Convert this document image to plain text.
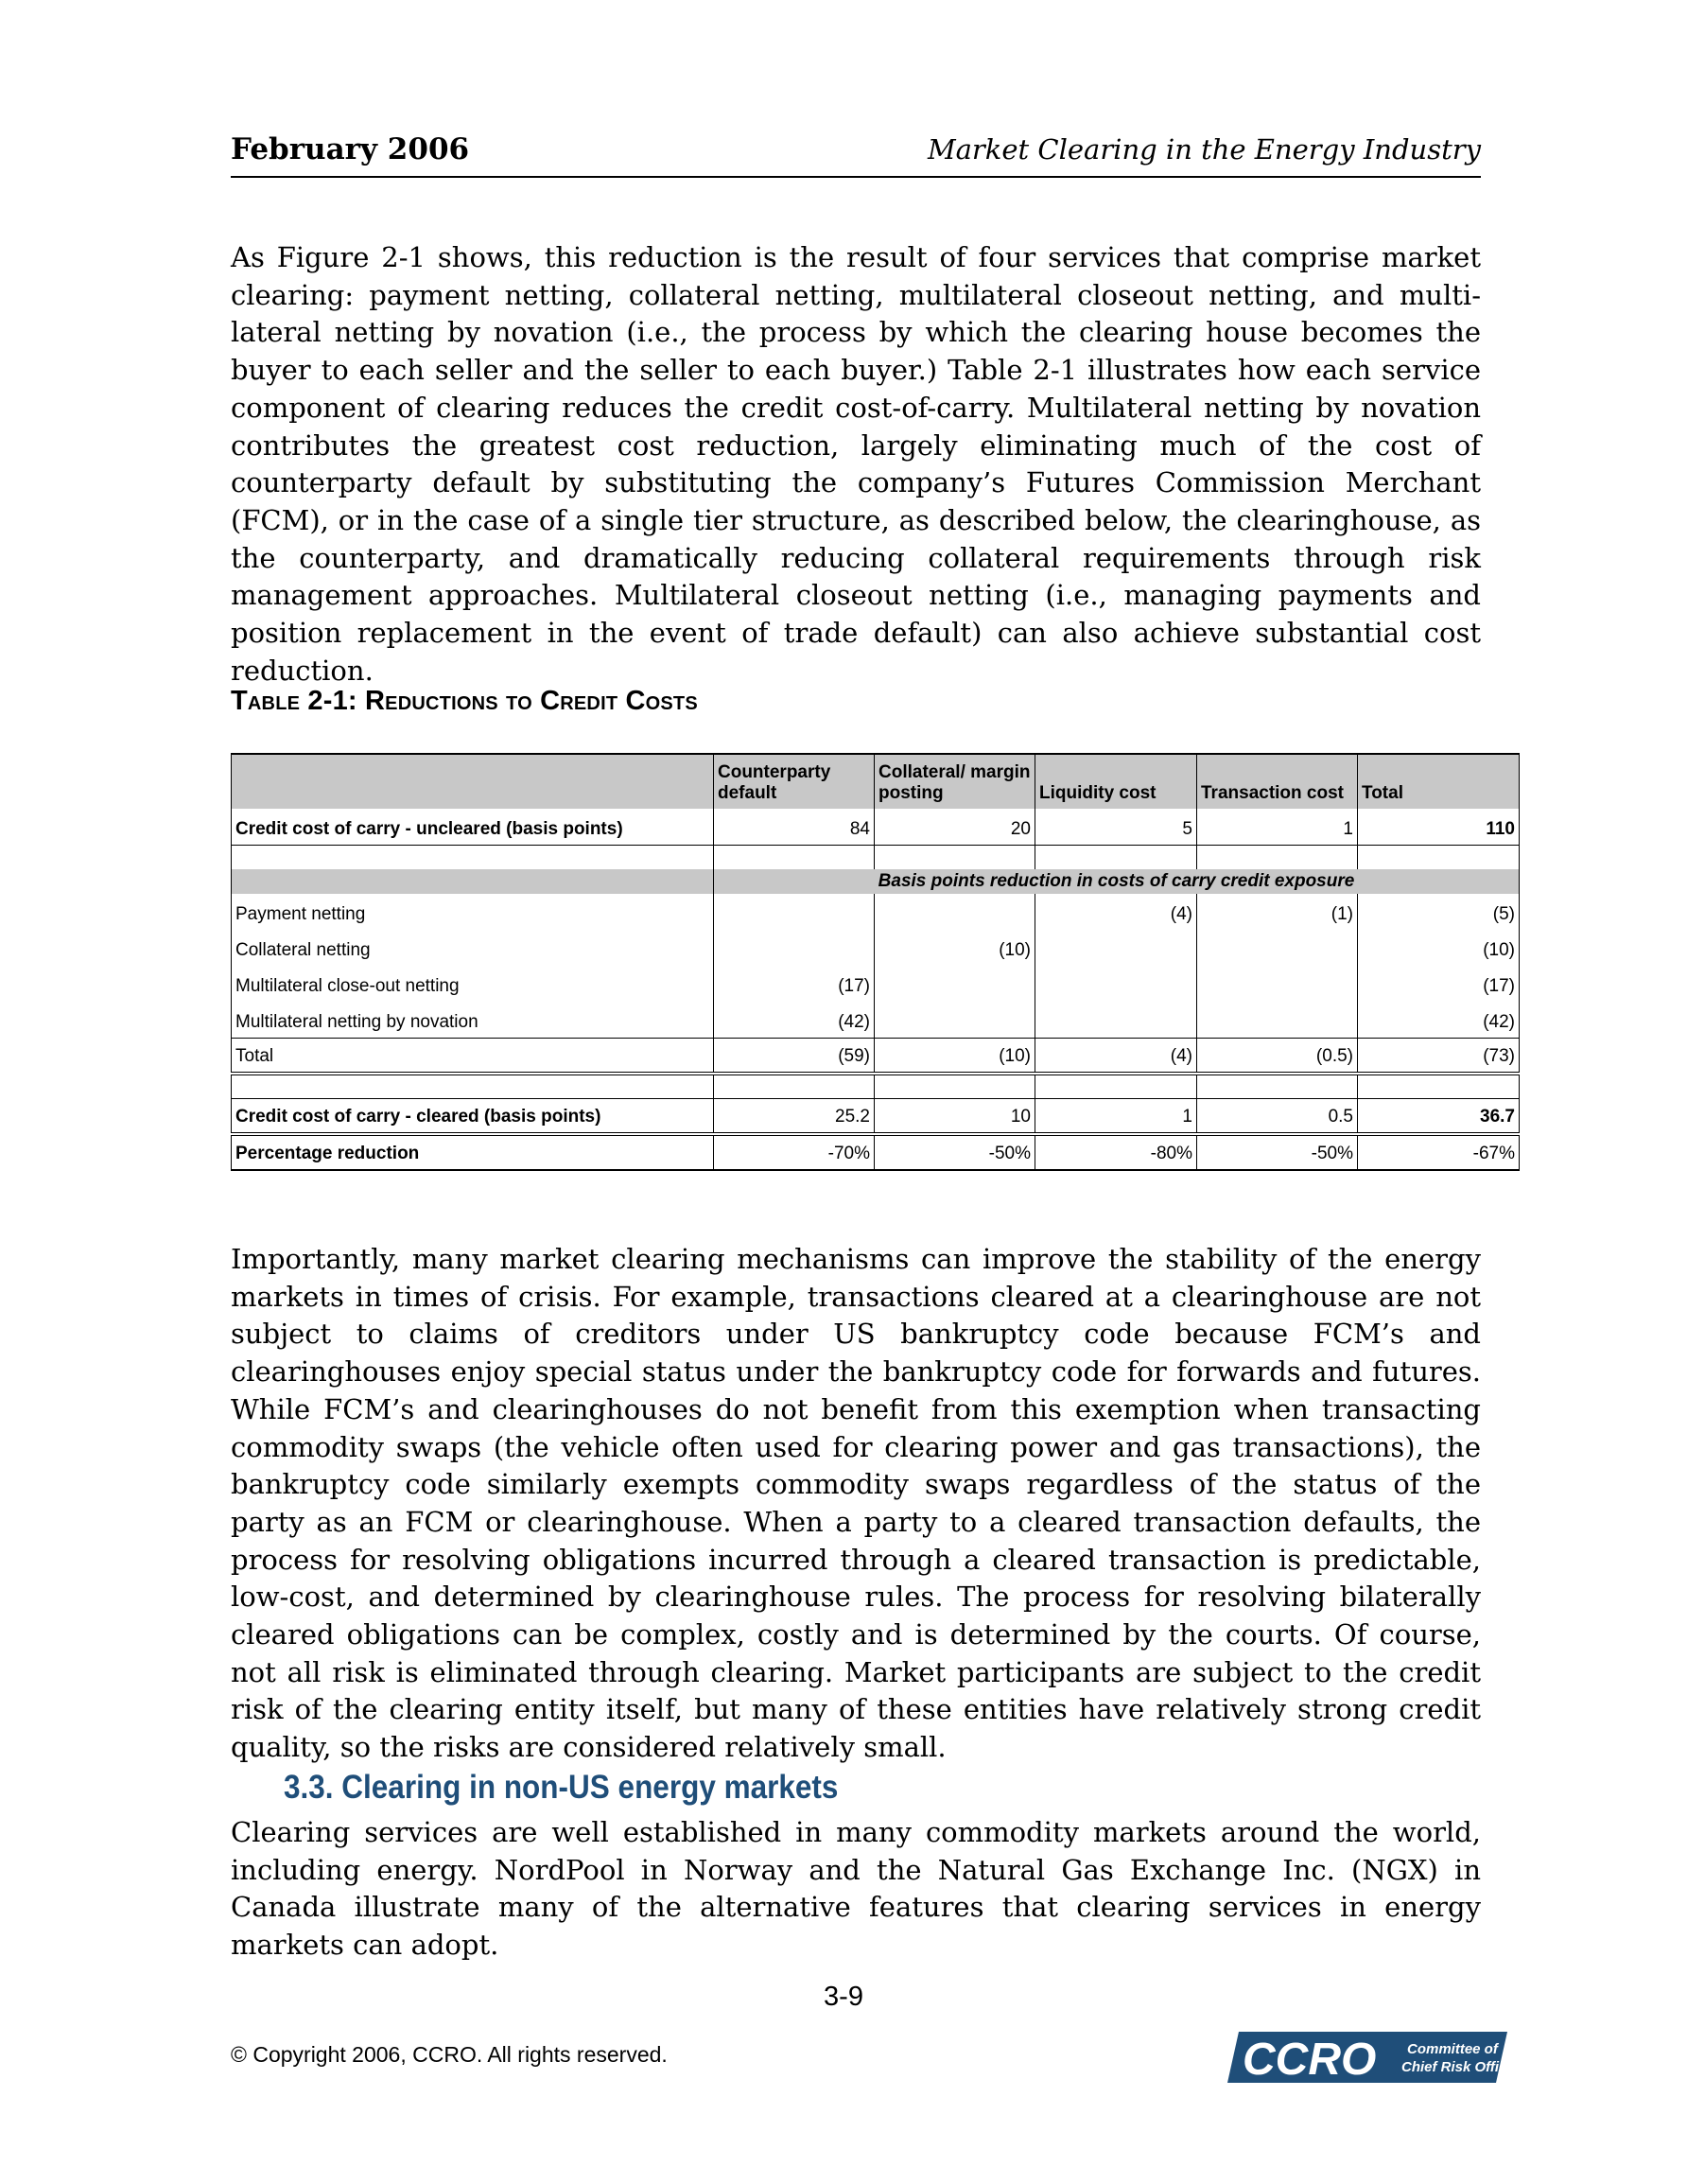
February 2006	Market Clearing in the Energy Industry

As Figure 2-1 shows, this reduction is the result of four services that comprise market clearing: payment netting, collateral netting, multilateral closeout netting, and multi-lateral netting by novation (i.e., the process by which the clearing house becomes the buyer to each seller and the seller to each buyer.) Table 2-1 illustrates how each service component of clearing reduces the credit cost-of-carry. Multilateral netting by novation contributes the greatest cost reduction, largely eliminating much of the cost of counterparty default by substituting the company’s Futures Commission Merchant (FCM), or in the case of a single tier structure, as described below, the clearinghouse, as the counterparty, and dramatically reducing collateral requirements through risk management approaches. Multilateral closeout netting (i.e., managing payments and position replacement in the event of trade default) can also achieve substantial cost reduction.

Table 2-1: Reductions to Credit Costs
	Counterparty default	Collateral/ margin posting	Liquidity cost	Transaction cost	Total
Credit cost of carry - uncleared (basis points)	84	20	5	1	110

	Basis points reduction in costs of carry credit exposure				
Payment netting			(4)	(1)	(5)
Collateral netting		(10)			(10)
Multilateral close-out netting	(17)				(17)
Multilateral netting by novation	(42)				(42)
Total	(59)	(10)	(4)	(0.5)	(73)

Credit cost of carry - cleared (basis points)	25.2	10	1	0.5	36.7
Percentage reduction	-70%	-50%	-80%	-50%	-67%

Importantly, many market clearing mechanisms can improve the stability of the energy markets in times of crisis. For example, transactions cleared at a clearinghouse are not subject to claims of creditors under US bankruptcy code because FCM’s and clearinghouses enjoy special status under the bankruptcy code for forwards and futures. While FCM’s and clearinghouses do not benefit from this exemption when transacting commodity swaps (the vehicle often used for clearing power and gas transactions), the bankruptcy code similarly exempts commodity swaps regardless of the status of the party as an FCM or clearinghouse. When a party to a cleared transaction defaults, the process for resolving obligations incurred through a cleared transaction is predictable, low-cost, and determined by clearinghouse rules. The process for resolving bilaterally cleared obligations can be complex, costly and is determined by the courts. Of course, not all risk is eliminated through clearing. Market participants are subject to the credit risk of the clearing entity itself, but many of these entities have relatively strong credit quality, so the risks are considered relatively small.

3.3. Clearing in non-US energy markets

Clearing services are well established in many commodity markets around the world, including energy. NordPool in Norway and the Natural Gas Exchange Inc. (NGX) in Canada illustrate many of the alternative features that clearing services in energy markets can adopt.

3-9
© Copyright 2006, CCRO. All rights reserved.	CCRO Committee of
Chief Risk Officers
